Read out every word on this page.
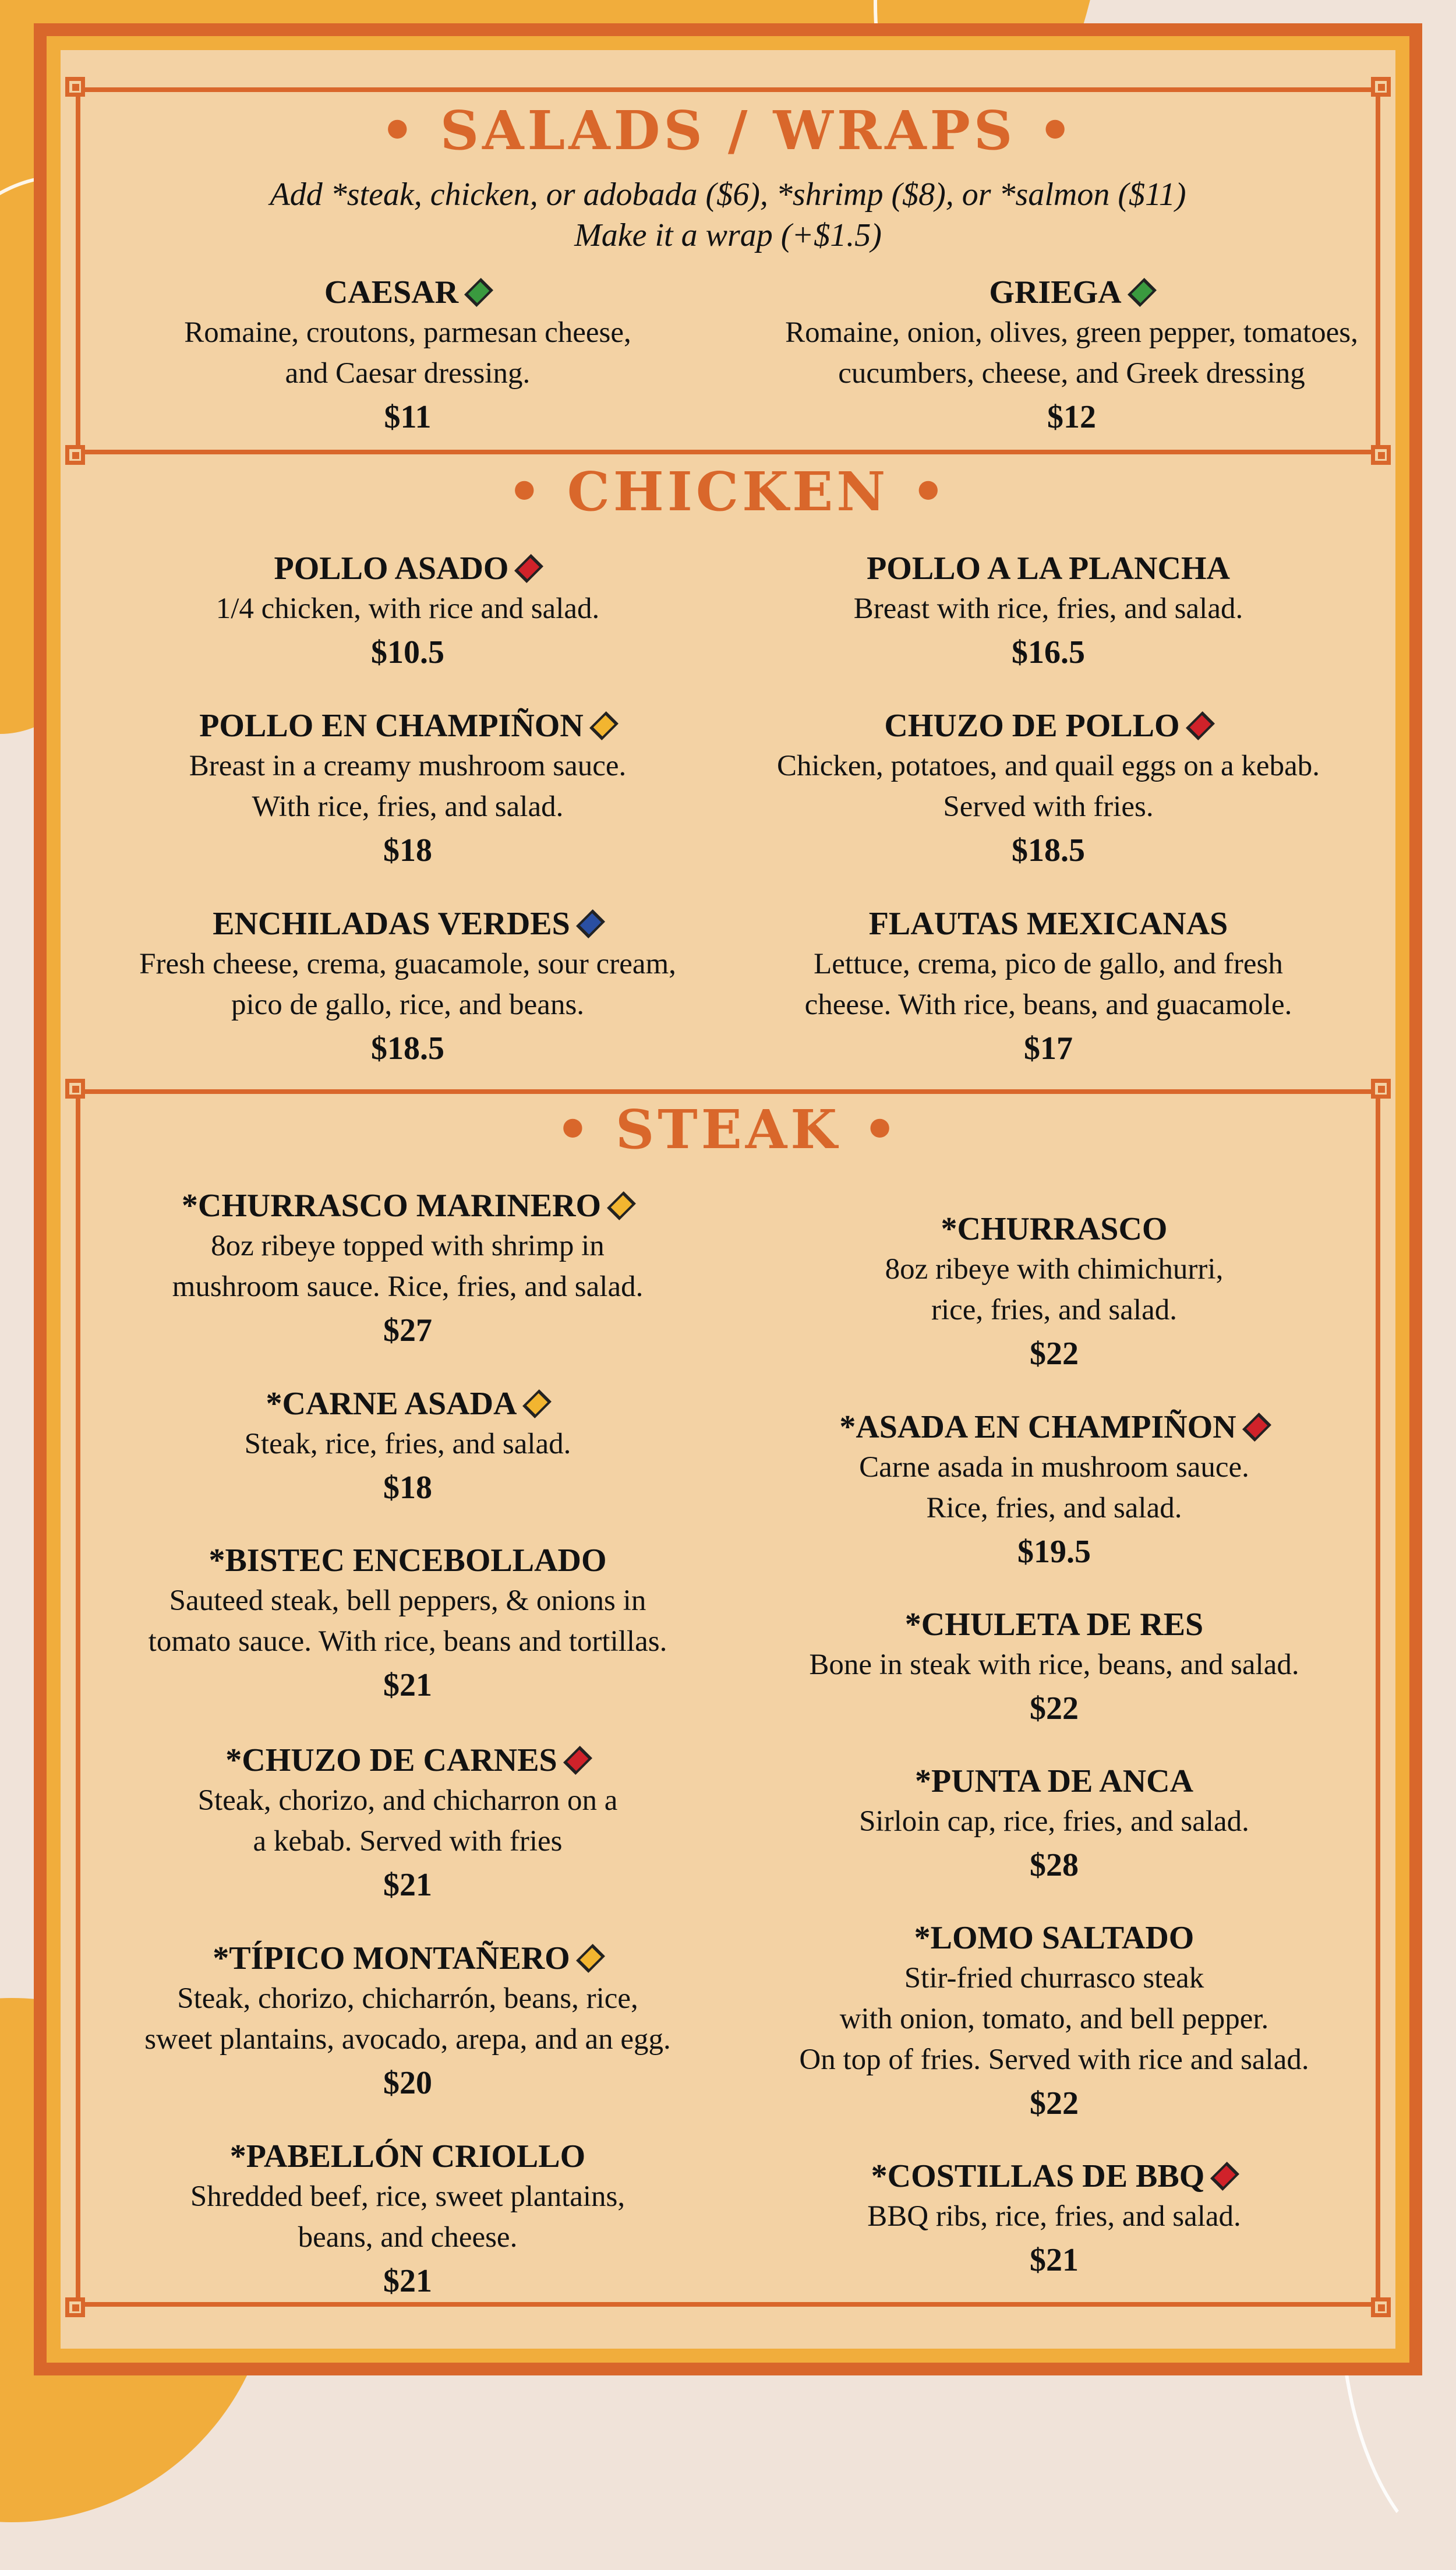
• SALADS / WRAPS •
Add *steak, chicken, or adobada ($6), *shrimp ($8), or *salmon ($11)
Make it a wrap (+$1.5)
CAESAR
Romaine, croutons, parmesan cheese,
and Caesar dressing.
$11
GRIEGA
Romaine, onion, olives, green pepper, tomatoes,
cucumbers, cheese, and Greek dressing
$12
• CHICKEN •
POLLO ASADO
1/4 chicken, with rice and salad.
$10.5
POLLO A LA PLANCHA
Breast with rice, fries, and salad.
$16.5
POLLO EN CHAMPIÑON
Breast in a creamy mushroom sauce.
With rice, fries, and salad.
$18
CHUZO DE POLLO
Chicken, potatoes, and quail eggs on a kebab.
Served with fries.
$18.5
ENCHILADAS VERDES
Fresh cheese, crema, guacamole, sour cream,
pico de gallo, rice, and beans.
$18.5
FLAUTAS MEXICANAS
Lettuce, crema, pico de gallo, and fresh
cheese. With rice, beans, and guacamole.
$17
• STEAK •
*CHURRASCO MARINERO
8oz ribeye topped with shrimp in
mushroom sauce. Rice, fries, and salad.
$27
*CARNE ASADA
Steak, rice, fries, and salad.
$18
*BISTEC ENCEBOLLADO
Sauteed steak, bell peppers, & onions in
tomato sauce. With rice, beans and tortillas.
$21
*CHUZO DE CARNES
Steak, chorizo, and chicharron on a
a kebab. Served with fries
$21
*TÍPICO MONTAÑERO
Steak, chorizo, chicharrón, beans, rice,
sweet plantains, avocado, arepa, and an egg.
$20
*PABELLÓN CRIOLLO
Shredded beef, rice, sweet plantains,
beans, and cheese.
$21
*CHURRASCO
8oz ribeye with chimichurri,
rice, fries, and salad.
$22
*ASADA EN CHAMPIÑON
Carne asada in mushroom sauce.
Rice, fries, and salad.
$19.5
*CHULETA DE RES
Bone in steak with rice, beans, and salad.
$22
*PUNTA DE ANCA
Sirloin cap, rice, fries, and salad.
$28
*LOMO SALTADO
Stir-fried churrasco steak
with onion, tomato, and bell pepper.
On top of fries. Served with rice and salad.
$22
*COSTILLAS DE BBQ
BBQ ribs, rice, fries, and salad.
$21
